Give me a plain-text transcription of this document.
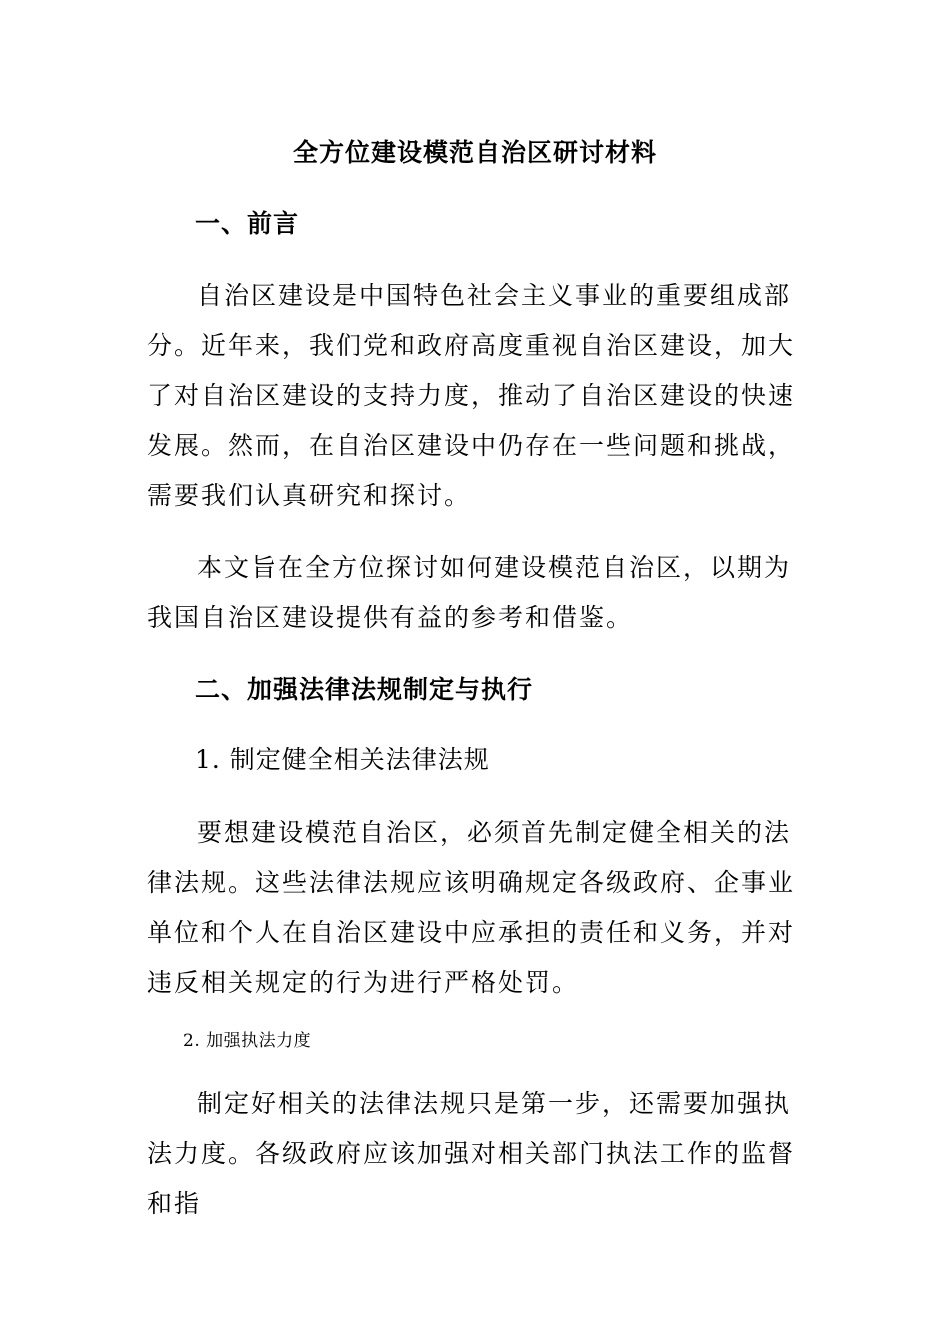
全方位建设模范自治区研讨材料
一、前言

自治区建设是中国特色社会主义事业的重要组成部分。近年来，我们党和政府高度重视自治区建设，加大了对自治区建设的支持力度，推动了自治区建设的快速发展。然而，在自治区建设中仍存在一些问题和挑战，需要我们认真研究和探讨。

本文旨在全方位探讨如何建设模范自治区，以期为我国自治区建设提供有益的参考和借鉴。

二、加强法律法规制定与执行
1. 制定健全相关法律法规

要想建设模范自治区，必须首先制定健全相关的法律法规。这些法律法规应该明确规定各级政府、企事业单位和个人在自治区建设中应承担的责任和义务，并对违反相关规定的行为进行严格处罚。

2. 加强执法力度

制定好相关的法律法规只是第一步，还需要加强执法力度。各级政府应该加强对相关部门执法工作的监督和指
